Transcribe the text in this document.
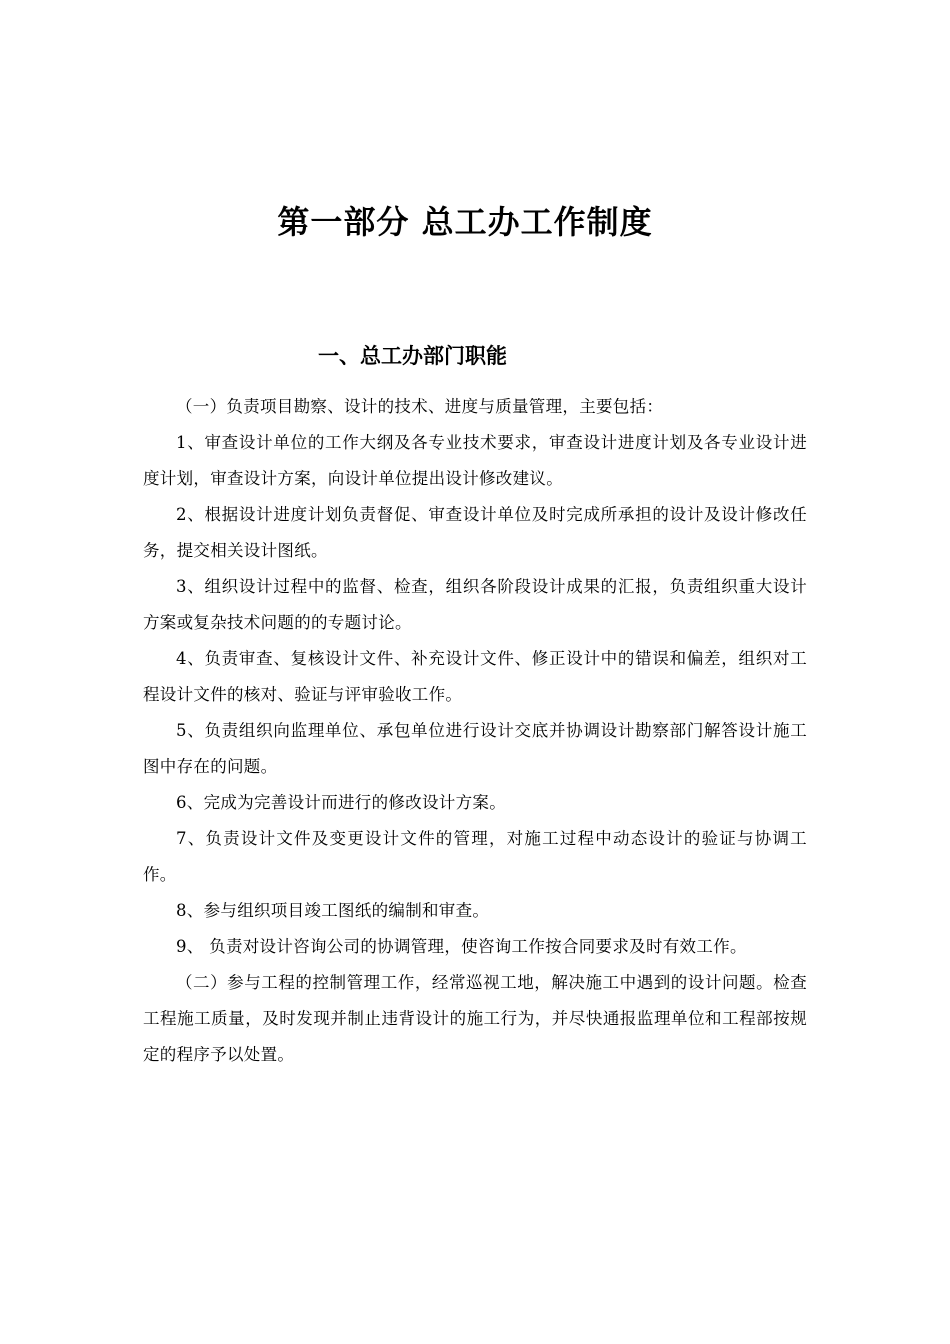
第一部分 总工办工作制度
一、总工办部门职能

（一）负责项目勘察、设计的技术、进度与质量管理，主要包括：

1、审查设计单位的工作大纲及各专业技术要求，审查设计进度计划及各专业设计进度计划，审查设计方案，向设计单位提出设计修改建议。

2、根据设计进度计划负责督促、审查设计单位及时完成所承担的设计及设计修改任务，提交相关设计图纸。

3、组织设计过程中的监督、检查，组织各阶段设计成果的汇报，负责组织重大设计方案或复杂技术问题的的专题讨论。

4、负责审查、复核设计文件、补充设计文件、修正设计中的错误和偏差，组织对工程设计文件的核对、验证与评审验收工作。

5、负责组织向监理单位、承包单位进行设计交底并协调设计勘察部门解答设计施工图中存在的问题。

6、完成为完善设计而进行的修改设计方案。

7、负责设计文件及变更设计文件的管理，对施工过程中动态设计的验证与协调工作。

8、参与组织项目竣工图纸的编制和审查。

9、 负责对设计咨询公司的协调管理，使咨询工作按合同要求及时有效工作。

（二）参与工程的控制管理工作，经常巡视工地，解决施工中遇到的设计问题。检查工程施工质量，及时发现并制止违背设计的施工行为，并尽快通报监理单位和工程部按规定的程序予以处置。
